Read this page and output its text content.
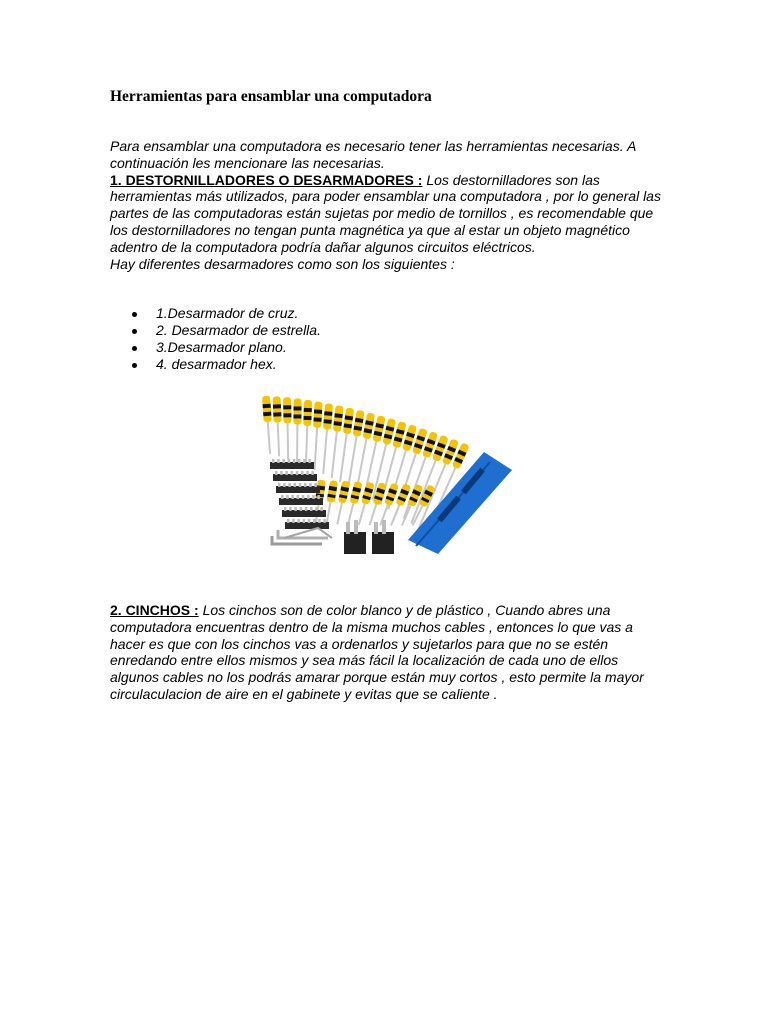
Herramientas para ensamblar una computadora
Para ensamblar una computadora es necesario tener las herramientas necesarias. A continuación les mencionare las necesarias.
1. DESTORNILLADORES O DESARMADORES : Los destornilladores son las herramientas más utilizados, para poder ensamblar una computadora , por lo general las partes de las computadoras están sujetas por medio de tornillos , es recomendable que los destornilladores no tengan punta magnética ya que al estar un objeto magnético adentro de la computadora podría dañar algunos circuitos eléctricos.
Hay diferentes desarmadores como son los siguientes :
1.Desarmador de cruz.
2. Desarmador de estrella.
3.Desarmador plano.
4. desarmador hex.
2. CINCHOS : Los cinchos son de color blanco y de plástico , Cuando abres una computadora encuentras dentro de la misma muchos cables , entonces lo que vas a hacer es que con los cinchos vas a ordenarlos y sujetarlos para que no se estén enredando entre ellos mismos y sea más fácil la localización de cada uno de ellos algunos cables no los podrás amarar porque están muy cortos , esto permite la mayor circulaculacion de aire en el gabinete y evitas que se caliente .
